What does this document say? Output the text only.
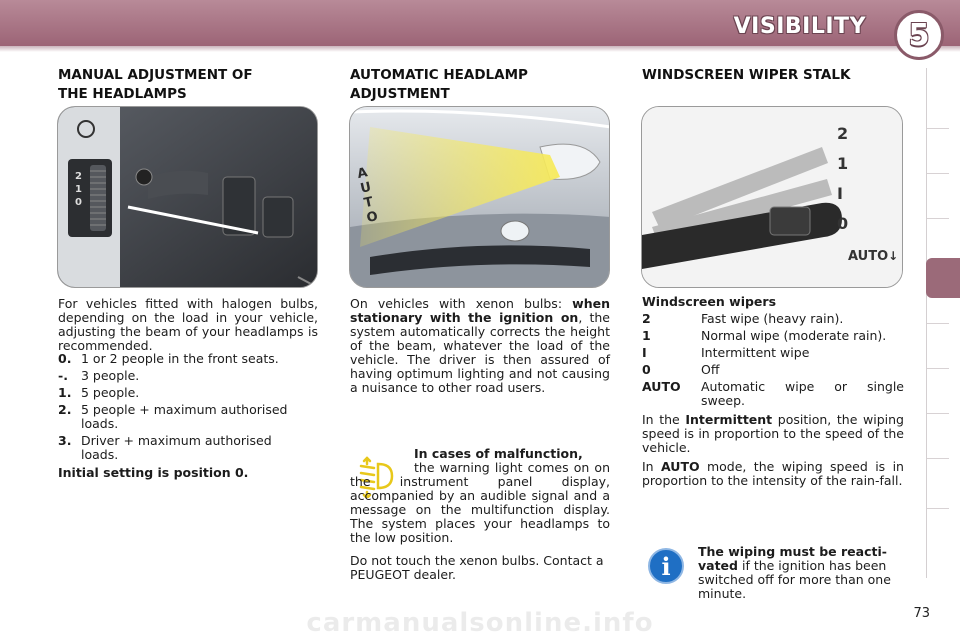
VISIBILITY 5
MANUAL ADJUSTMENT OF
THE HEADLAMPS
2
1
0
For vehicles fitted with halogen bulbs, depending on the load in your vehicle, adjusting the beam of your headlamps is recommended.
0. 1 or 2 people in the front seats.
-.	3 people.
1. 5 people.
2. 5 people + maximum authorised loads.
3. Driver + maximum authorised loads.
Initial setting is position 0.
AUTOMATIC HEADLAMP
ADJUSTMENT
AUTO
On vehicles with xenon bulbs: when stationary with the ignition on, the system automatically corrects the height of the beam, whatever the load of the vehicle. The driver is then assured of having optimum lighting and not causing a nuisance to other road users.
In cases of malfunction,
the warning light comes on on the instrument panel display, accompanied by an audible signal and a message on the multifunction display. The system places your headlamps to the low position.
Do not touch the xenon bulbs. Contact a PEUGEOT dealer.
WINDSCREEN WIPER STALK
2
1
I
0
AUTO↓
Windscreen wipers
2	Fast wipe (heavy rain).
1	Normal wipe (moderate rain).
I	Intermittent wipe
0	Off
AUTO	Automatic wipe or single sweep.
In the Intermittent position, the wiping speed is in proportion to the speed of the vehicle.
In AUTO mode, the wiping speed is in proportion to the intensity of the rain-fall.
i The wiping must be reacti-vated if the ignition has been switched off for more than one minute.
carmanualsonline.info	73
